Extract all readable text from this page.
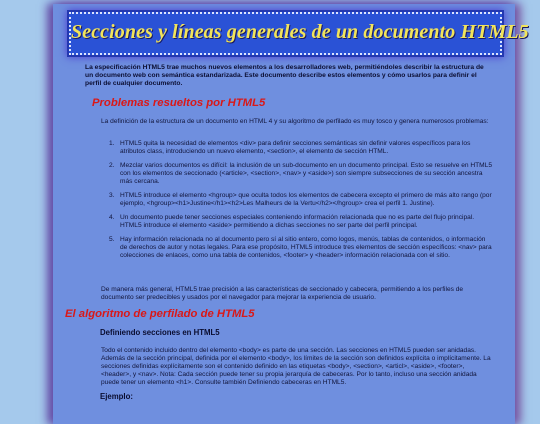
Secciones y líneas generales de un documento HTML5
La especificación HTML5 trae muchos nuevos elementos a los desarrolladores web, permitiéndoles describir la estructura de un documento web con semántica estandarizada. Este documento describe estos elementos y cómo usarlos para definir el perfil de cualquier documento.
Problemas resueltos por HTML5

La definición de la estructura de un documento en HTML 4 y su algoritmo de perfilado es muy tosco y genera numerosos problemas:

1. HTML5 quita la necesidad de elementos <div> para definir secciones semánticas sin definir valores específicos para los atributos class, introduciendo un nuevo elemento, <section>, el elemento de sección HTML.
2. Mezclar varios documentos es difícil: la inclusión de un sub-documento en un documento principal. Esto se resuelve en HTML5 con los elementos de seccionado (<article>, <section>, <nav> y <aside>) son siempre subsecciones de su sección ancestra más cercana.
3. HTML5 introduce el elemento <hgroup> que oculta todos los elementos de cabecera excepto el primero de más alto rango (por ejemplo, <hgroup><h1>Justine</h1><h2>Les Malheurs de la Vertu</h2></hgroup> crea el perfil 1. Justine).
4. Un documento puede tener secciones especiales conteniendo información relacionada que no es parte del flujo principal. HTML5 introduce el elemento <aside> permitiendo a dichas secciones no ser parte del perfil principal.
5. Hay información relacionada no al documento pero sí al sitio entero, como logos, menús, tablas de contenidos, o información de derechos de autor y notas legales. Para ese propósito, HTML5 introduce tres elementos de sección específicos: <nav> para colecciones de enlaces, como una tabla de contenidos, <footer> y <header> información relacionada con el sitio.

De manera más general, HTML5 trae precisión a las características de seccionado y cabecera, permitiendo a los perfiles de documento ser predecibles y usados por el navegador para mejorar la experiencia de usuario.

El algoritmo de perfilado de HTML5
Definiendo secciones en HTML5

Todo el contenido incluido dentro del elemento <body> es parte de una sección. Las secciones en HTML5 pueden ser anidadas. Además de la sección principal, definida por el elemento <body>, los límites de la sección son definidos explícita o implícitamente. La secciones definidas explícitamente son el contenido definido en las etiquetas <body>, <section>, <articl>, <aside>, <footer>, <header>, y <nav>. Nota: Cada sección puede tener su propia jerarquía de cabeceras. Por lo tanto, incluso una sección anidada puede tener un elemento <h1>. Consulte también Definiendo cabeceras en HTML5.

Ejemplo:
